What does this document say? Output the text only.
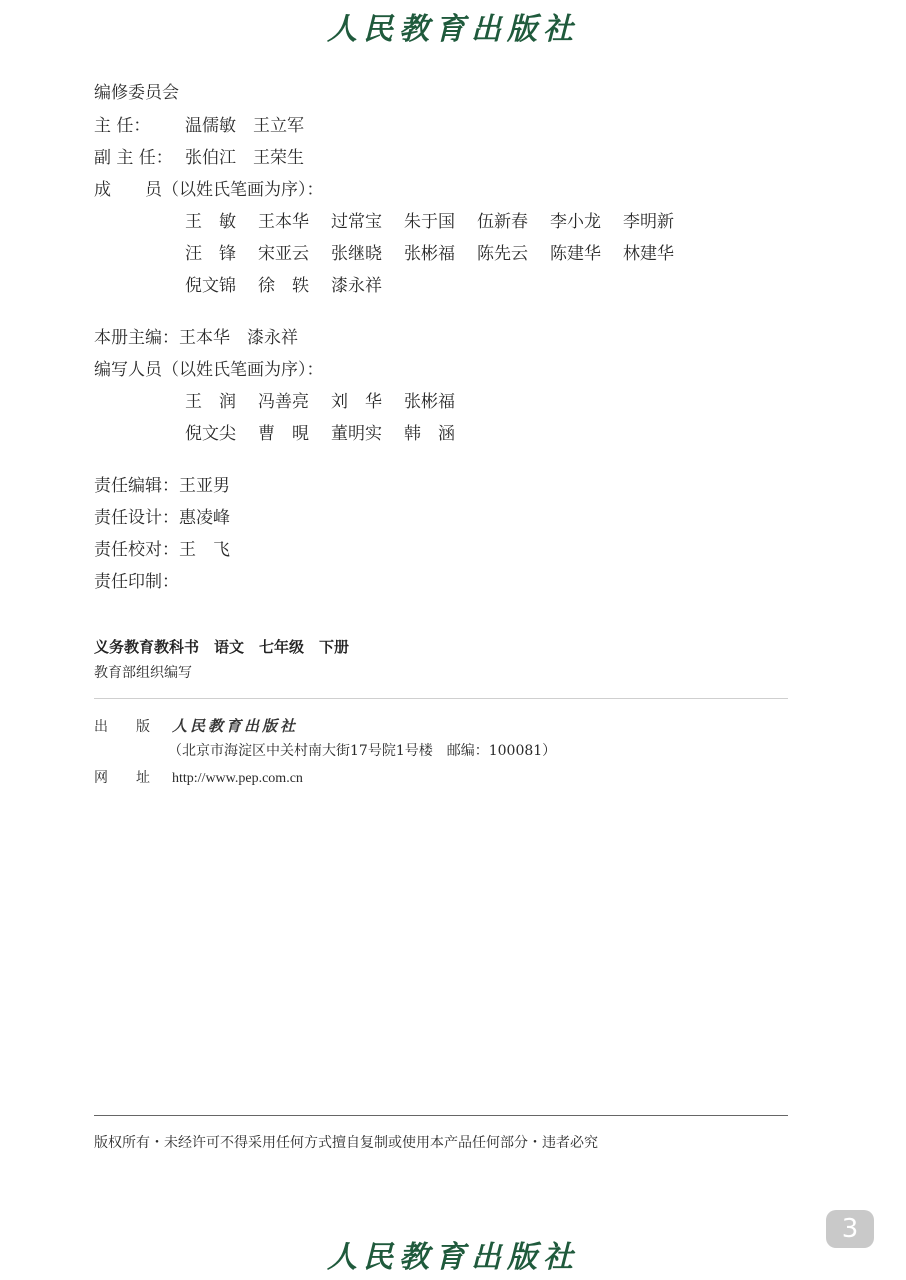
人民教育出版社
编修委员会
主 任： 温儒敏　王立军
副 主 任： 张伯江　王荣生
成　　员（以姓氏笔画为序）：
王　敏 王本华 过常宝 朱于国 伍新春 李小龙 李明新
汪　锋 宋亚云 张继晓 张彬福 陈先云 陈建华 林建华
倪文锦 徐　轶 漆永祥
本册主编：王本华　漆永祥
编写人员（以姓氏笔画为序）：
王　润 冯善亮 刘　华 张彬福
倪文尖 曹　晛 董明实 韩　涵
责任编辑：王亚男
责任设计：惠凌峰
责任校对：王　飞
责任印制：
义务教育教科书　语文　七年级　下册
教育部组织编写
出版人民教育出版社
（北京市海淀区中关村南大街17号院1号楼　邮编：100081）
网址http://www.pep.com.cn
版权所有・未经许可不得采用任何方式擅自复制或使用本产品任何部分・违者必究
3
人民教育出版社
